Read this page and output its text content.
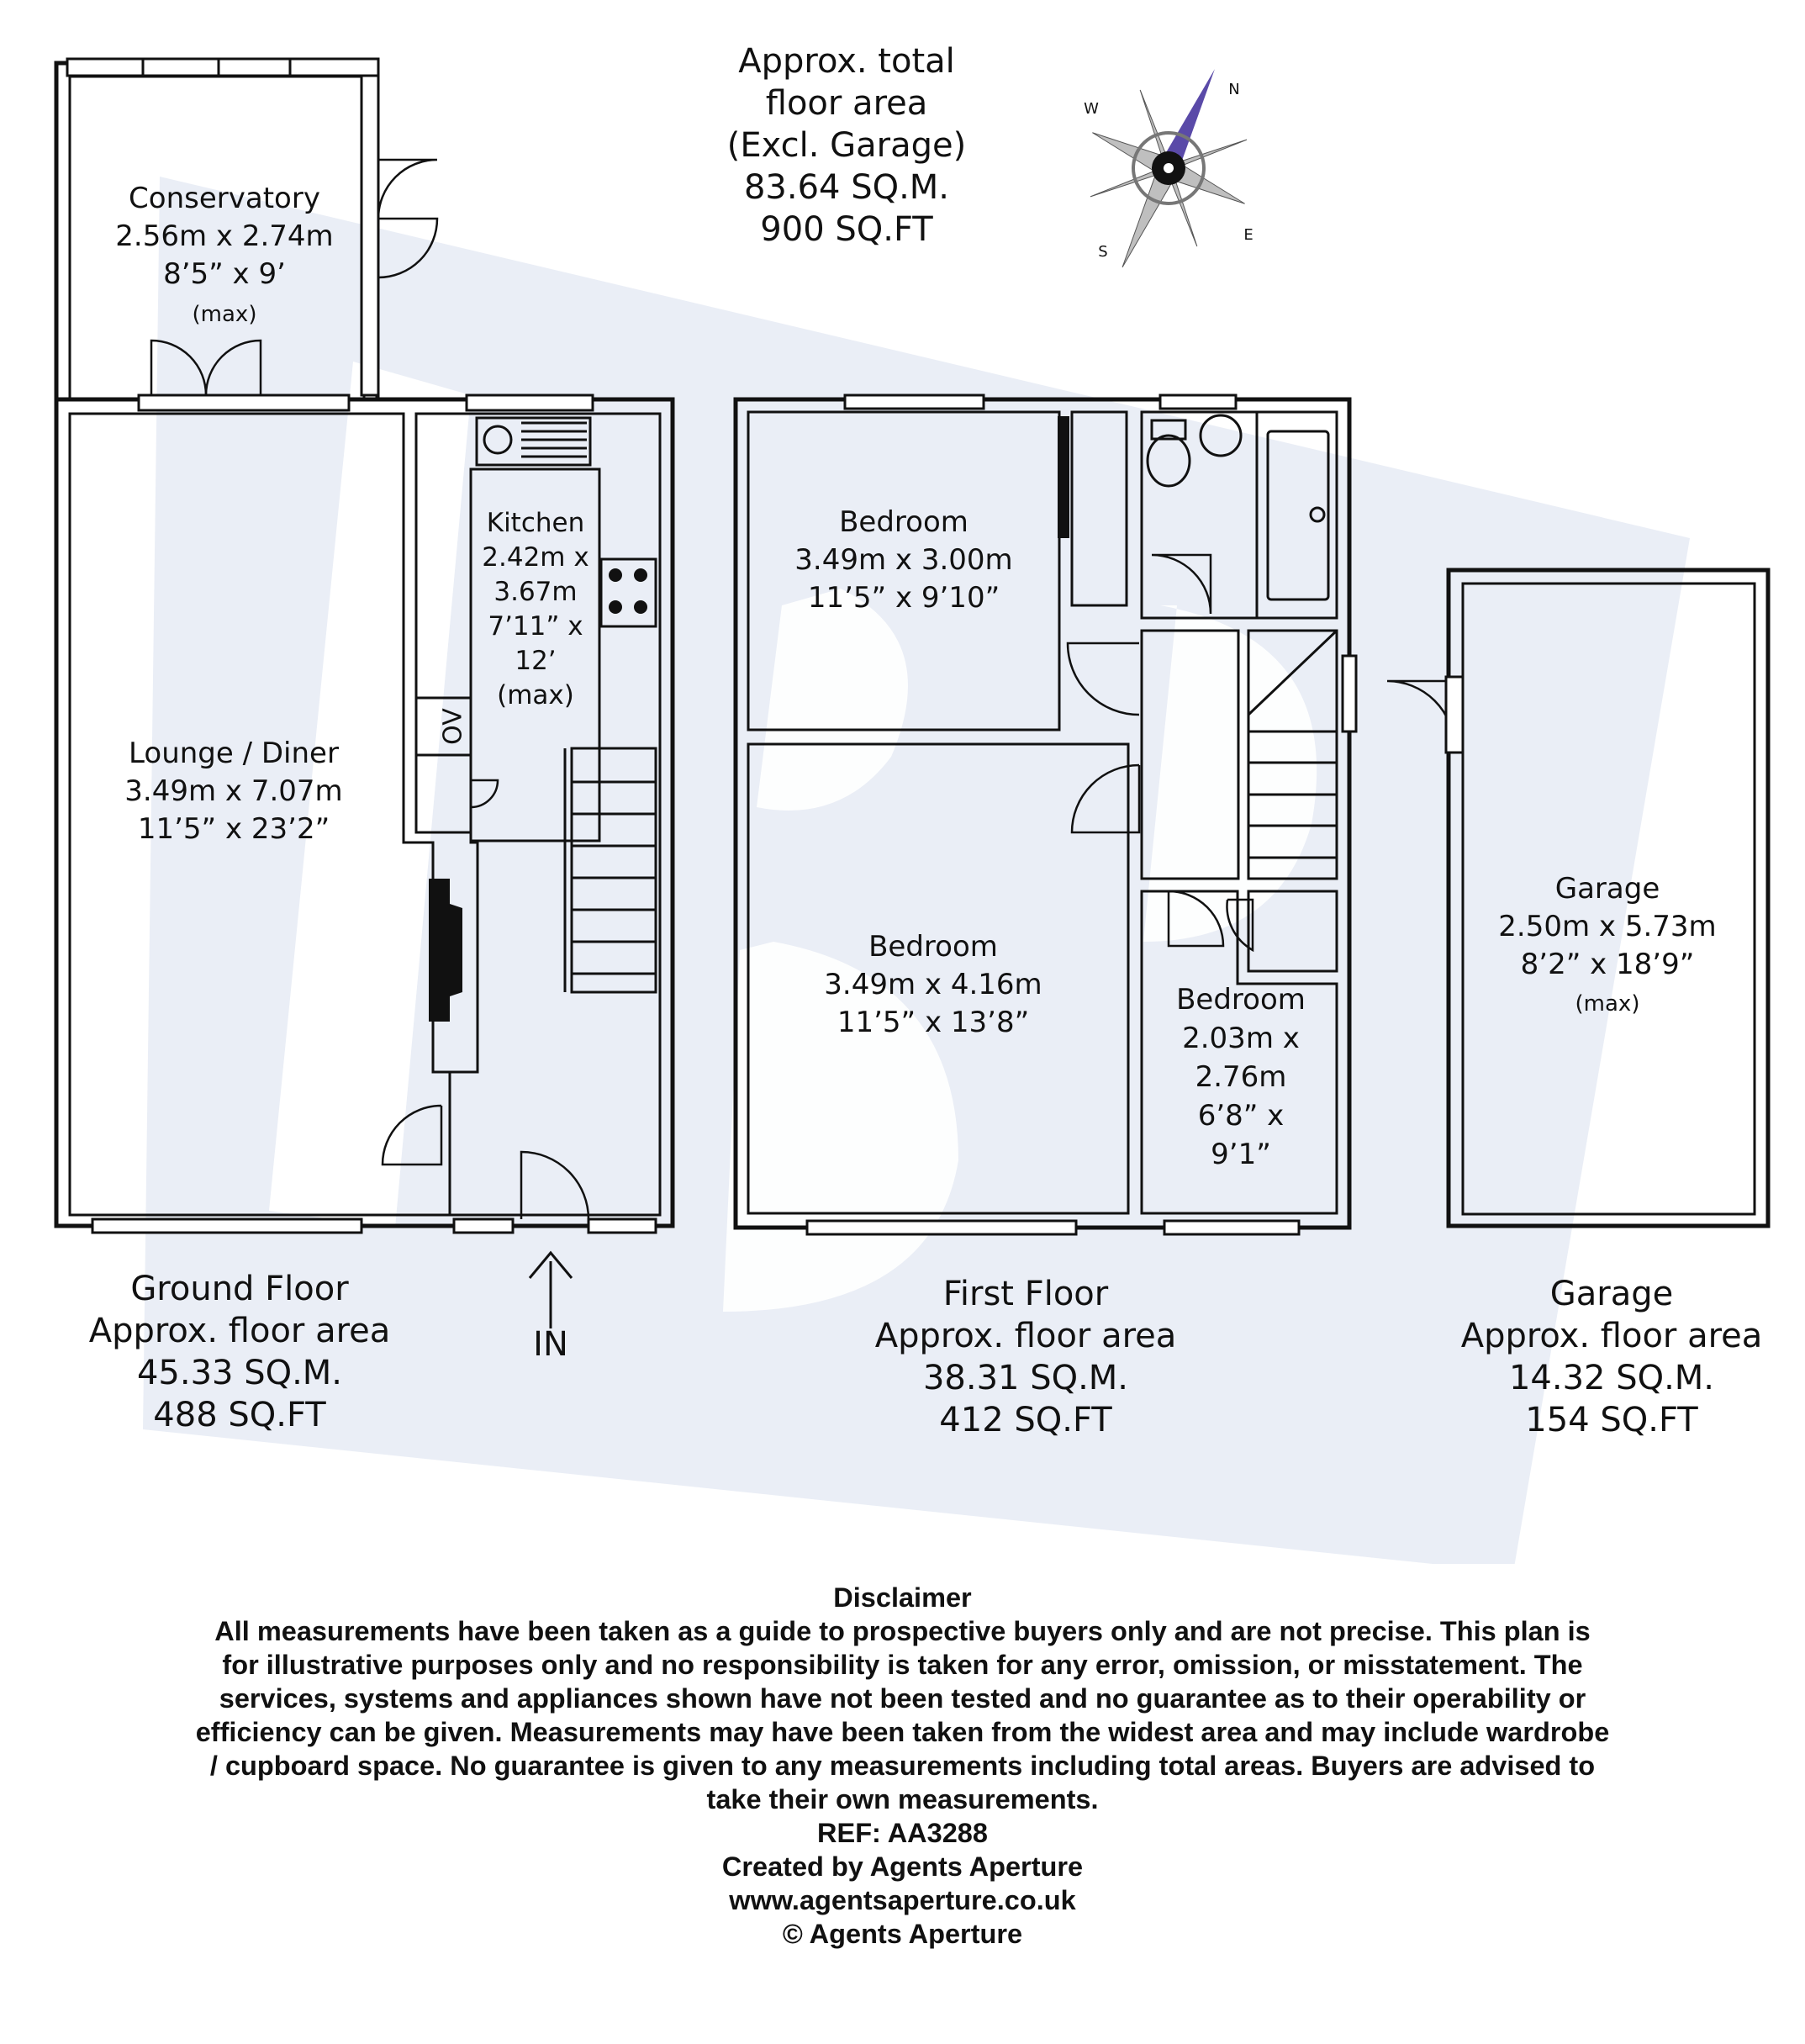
N
E
S
W
Approx. total
floor area
(Excl. Garage)
83.64 SQ.M.
900 SQ.FT
Conservatory
2.56m x 2.74m
8’5” x 9’
(max)
Lounge / Diner
3.49m x 7.07m
11’5” x 23’2”
Kitchen
2.42m x
3.67m
7’11” x
12’
(max)
OV
IN
Ground Floor
Approx. floor area
45.33 SQ.M.
488 SQ.FT
Bedroom
3.49m x 3.00m
11’5” x 9’10”
Bedroom
3.49m x 4.16m
11’5” x 13’8”
Bedroom
2.03m x
2.76m
6’8” x
9’1”
First Floor
Approx. floor area
38.31 SQ.M.
412 SQ.FT
Garage
2.50m x 5.73m
8’2” x 18’9”
(max)
Garage
Approx. floor area
14.32 SQ.M.
154 SQ.FT
Disclaimer
All measurements have been taken as a guide to prospective buyers only and are not precise. This plan is
for illustrative purposes only and no responsibility is taken for any error, omission, or misstatement. The
services, systems and appliances shown have not been tested and no guarantee as to their operability or
efficiency can be given. Measurements may have been taken from the widest area and may include wardrobe
/ cupboard space. No guarantee is given to any measurements including total areas. Buyers are advised to
take their own measurements.
REF: AA3288
Created by Agents Aperture
www.agentsaperture.co.uk
© Agents Aperture
